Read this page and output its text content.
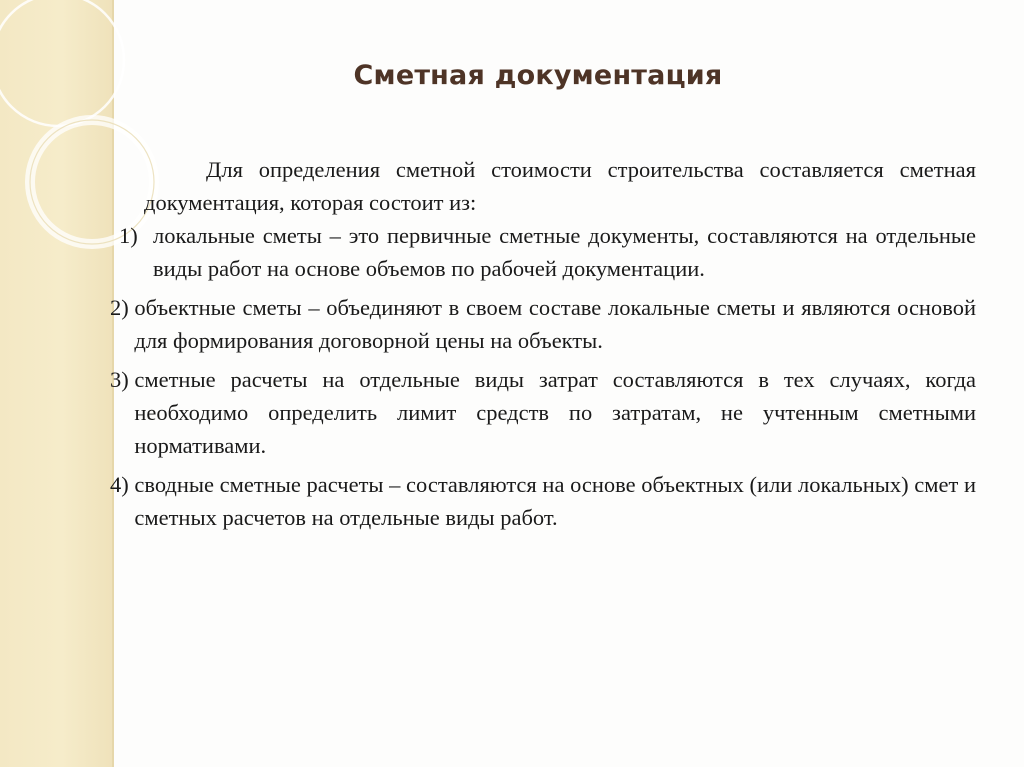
Сметная документация

Для определения сметной стоимости строительства составляется сметная документация, которая состоит из:

1) локальные сметы – это первичные сметные документы, составляются на отдельные виды работ на основе объемов по рабочей документации.
2) объектные сметы – объединяют в своем составе локальные сметы и являются основой для формирования договорной цены на объекты.
3) сметные расчеты на отдельные виды затрат составляются в тех случаях, когда необходимо определить лимит средств по затратам, не учтенным сметными нормативами.
4) сводные сметные расчеты – составляются на основе объектных (или локальных) смет и сметных расчетов на отдельные виды работ.
